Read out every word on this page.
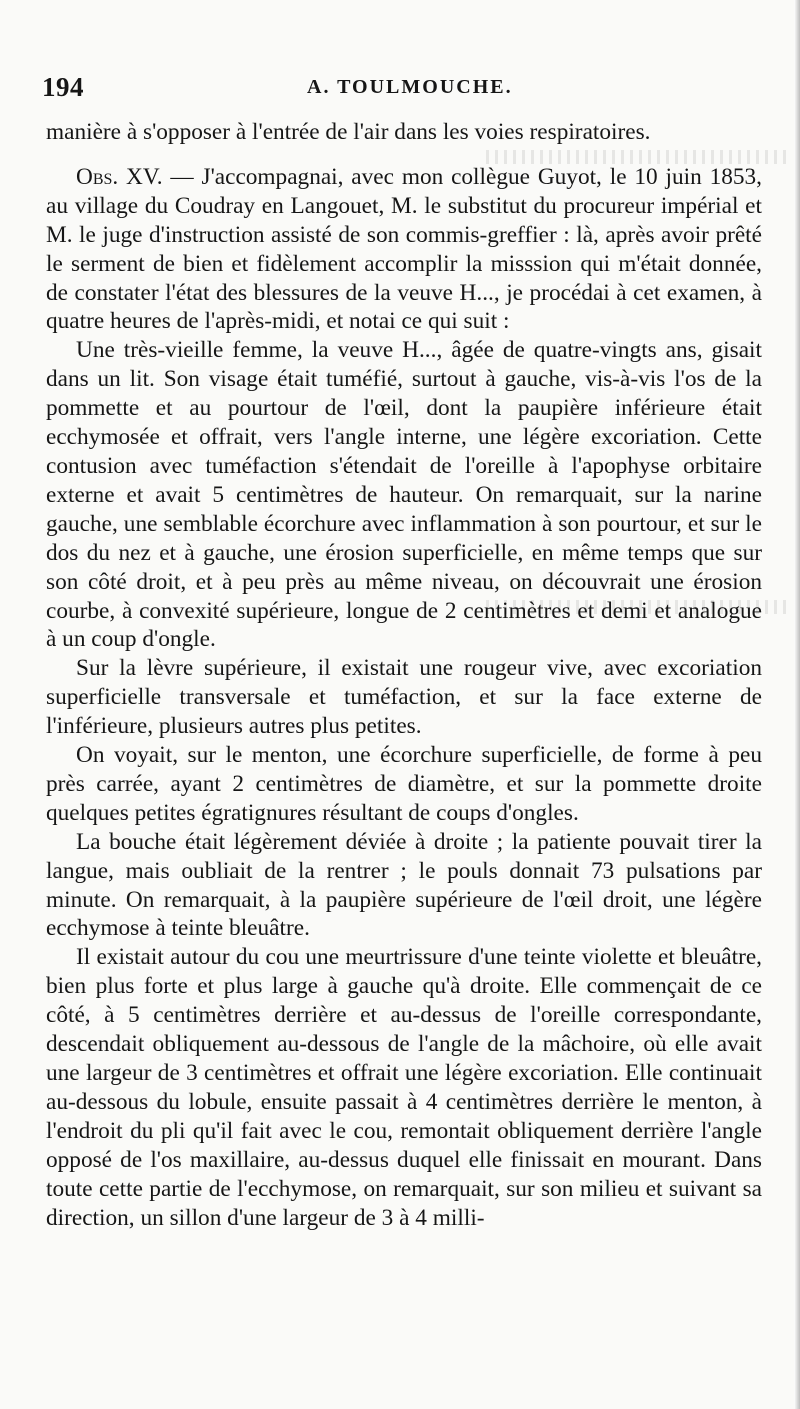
194	A. TOULMOUCHE.

manière à s'opposer à l'entrée de l'air dans les voies respiratoires.

Obs. XV. — J'accompagnai, avec mon collègue Guyot, le 10 juin 1853, au village du Coudray en Langouet, M. le substitut du procureur impérial et M. le juge d'instruction assisté de son commis-greffier : là, après avoir prêté le serment de bien et fidèlement accomplir la misssion qui m'était donnée, de constater l'état des blessures de la veuve H..., je procédai à cet examen, à quatre heures de l'après-midi, et notai ce qui suit :

Une très-vieille femme, la veuve H..., âgée de quatre-vingts ans, gisait dans un lit. Son visage était tuméfié, surtout à gauche, vis-à-vis l'os de la pommette et au pourtour de l'œil, dont la paupière inférieure était ecchymosée et offrait, vers l'angle interne, une légère excoriation. Cette contusion avec tuméfaction s'étendait de l'oreille à l'apophyse orbitaire externe et avait 5 centimètres de hauteur. On remarquait, sur la narine gauche, une semblable écorchure avec inflammation à son pourtour, et sur le dos du nez et à gauche, une érosion superficielle, en même temps que sur son côté droit, et à peu près au même niveau, on découvrait une érosion courbe, à convexité supérieure, longue de 2 centimètres et demi et analogue à un coup d'ongle.

Sur la lèvre supérieure, il existait une rougeur vive, avec excoriation superficielle transversale et tuméfaction, et sur la face externe de l'inférieure, plusieurs autres plus petites.

On voyait, sur le menton, une écorchure superficielle, de forme à peu près carrée, ayant 2 centimètres de diamètre, et sur la pommette droite quelques petites égratignures résultant de coups d'ongles.

La bouche était légèrement déviée à droite ; la patiente pouvait tirer la langue, mais oubliait de la rentrer ; le pouls donnait 73 pulsations par minute. On remarquait, à la paupière supérieure de l'œil droit, une légère ecchymose à teinte bleuâtre.

Il existait autour du cou une meurtrissure d'une teinte violette et bleuâtre, bien plus forte et plus large à gauche qu'à droite. Elle commençait de ce côté, à 5 centimètres derrière et au-dessus de l'oreille correspondante, descendait obliquement au-dessous de l'angle de la mâchoire, où elle avait une largeur de 3 centimètres et offrait une légère excoriation. Elle continuait au-dessous du lobule, ensuite passait à 4 centimètres derrière le menton, à l'endroit du pli qu'il fait avec le cou, remontait obliquement derrière l'angle opposé de l'os maxillaire, au-dessus duquel elle finissait en mourant. Dans toute cette partie de l'ecchymose, on remarquait, sur son milieu et suivant sa direction, un sillon d'une largeur de 3 à 4 milli-
